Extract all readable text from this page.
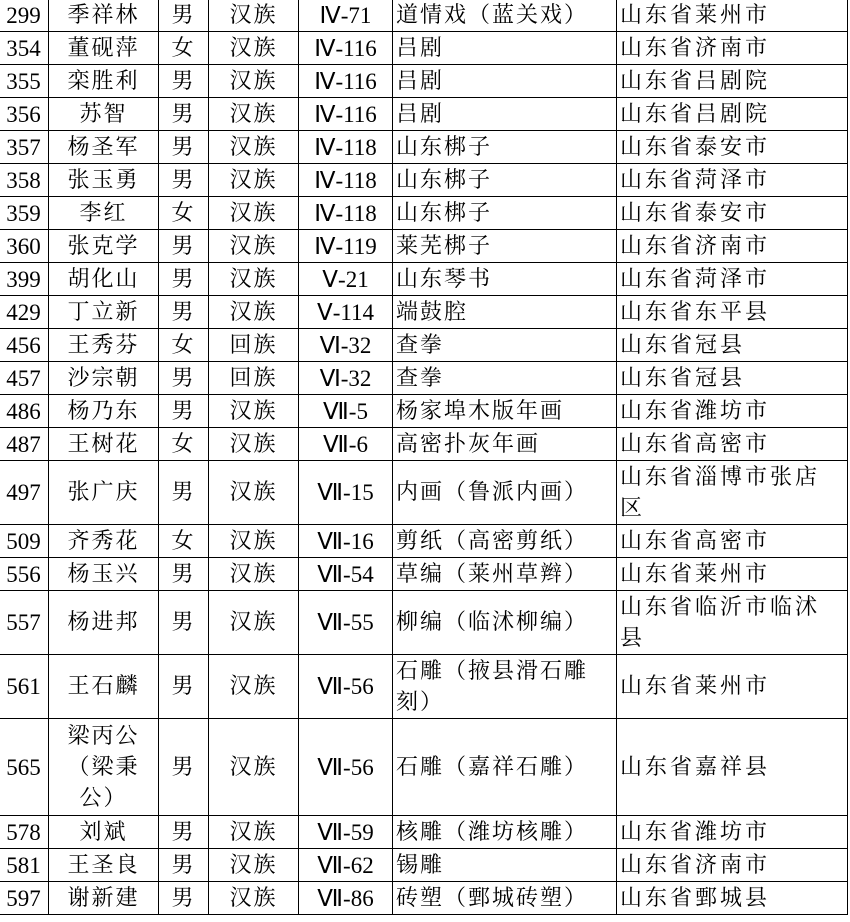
299	季祥林	男	汉族	Ⅳ-71	道情戏（蓝关戏）	山东省莱州市
354	董砚萍	女	汉族	Ⅳ-116	吕剧	山东省济南市
355	栾胜利	男	汉族	Ⅳ-116	吕剧	山东省吕剧院
356	苏智	男	汉族	Ⅳ-116	吕剧	山东省吕剧院
357	杨圣军	男	汉族	Ⅳ-118	山东梆子	山东省泰安市
358	张玉勇	男	汉族	Ⅳ-118	山东梆子	山东省菏泽市
359	李红	女	汉族	Ⅳ-118	山东梆子	山东省泰安市
360	张克学	男	汉族	Ⅳ-119	莱芜梆子	山东省济南市
399	胡化山	男	汉族	Ⅴ-21	山东琴书	山东省菏泽市
429	丁立新	男	汉族	Ⅴ-114	端鼓腔	山东省东平县
456	王秀芬	女	回族	Ⅵ-32	查拳	山东省冠县
457	沙宗朝	男	回族	Ⅵ-32	查拳	山东省冠县
486	杨乃东	男	汉族	Ⅶ-5	杨家埠木版年画	山东省潍坊市
487	王树花	女	汉族	Ⅶ-6	高密扑灰年画	山东省高密市
497	张广庆	男	汉族	Ⅶ-15	内画（鲁派内画）	山东省淄博市张店区
509	齐秀花	女	汉族	Ⅶ-16	剪纸（高密剪纸）	山东省高密市
556	杨玉兴	男	汉族	Ⅶ-54	草编（莱州草辫）	山东省莱州市
557	杨进邦	男	汉族	Ⅶ-55	柳编（临沭柳编）	山东省临沂市临沭县
561	王石麟	男	汉族	Ⅶ-56	石雕（掖县滑石雕刻）	山东省莱州市
565	梁丙公（梁秉公）	男	汉族	Ⅶ-56	石雕（嘉祥石雕）	山东省嘉祥县
578	刘斌	男	汉族	Ⅶ-59	核雕（潍坊核雕）	山东省潍坊市
581	王圣良	男	汉族	Ⅶ-62	锡雕	山东省济南市
597	谢新建	男	汉族	Ⅶ-86	砖塑（鄄城砖塑）	山东省鄄城县
